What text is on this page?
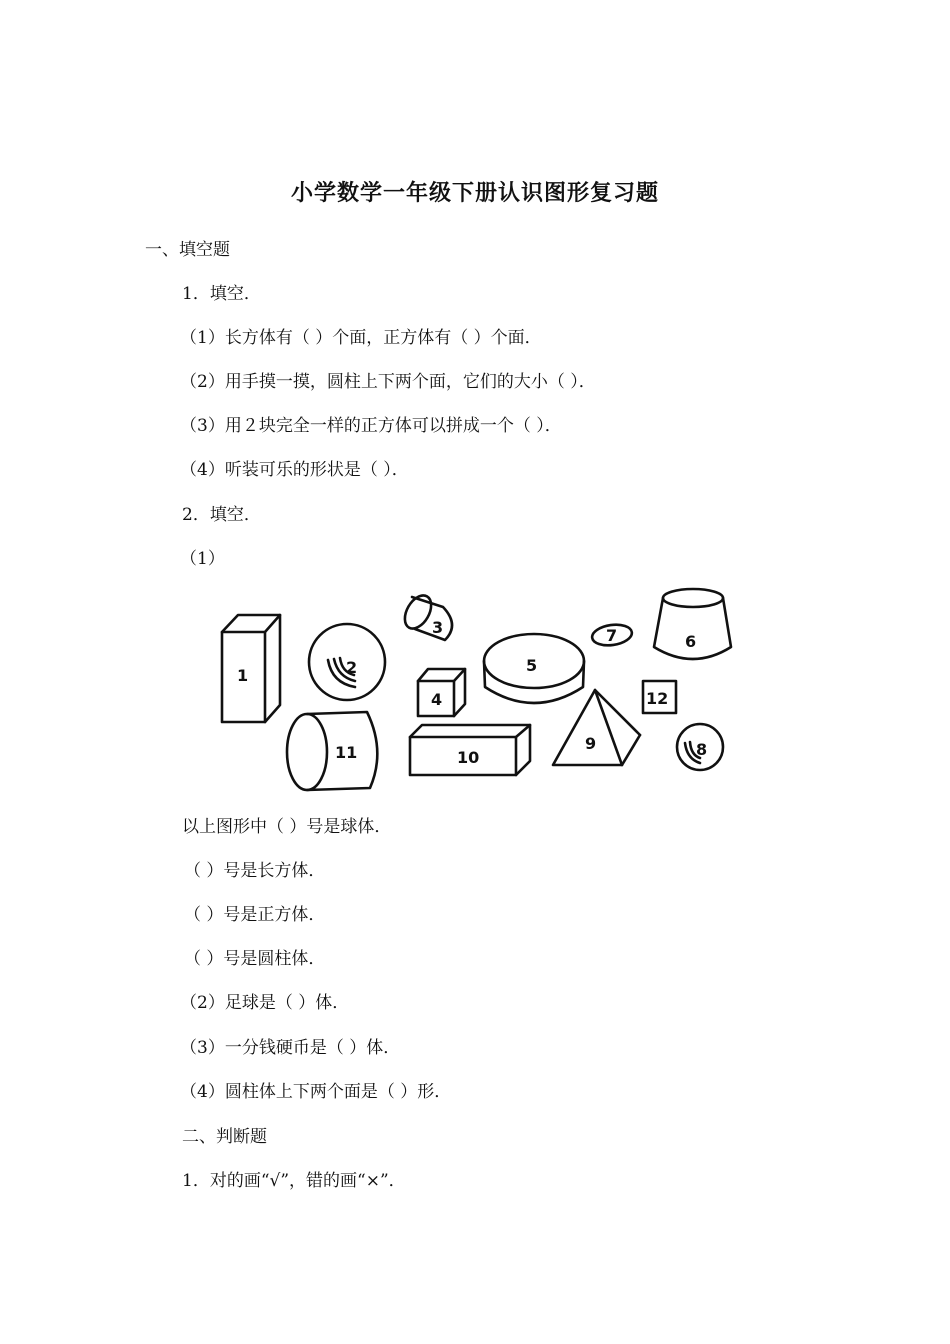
小学数学一年级下册认识图形复习题
一、填空题
1．填空．
（1）长方体有（ ）个面，正方体有（ ）个面．
（2）用手摸一摸，圆柱上下两个面，它们的大小（ ）．
（3）用２块完全一样的正方体可以拼成一个（ ）．
（4）听装可乐的形状是（ ）．
2．填空．
（1）
1	2
3
4
5
6
7
8
9
10
11
12
以上图形中（ ）号是球体．
（ ）号是长方体．
（ ）号是正方体．
（ ）号是圆柱体．
（2）足球是（ ）体．
（3）一分钱硬币是（ ）体．
（4）圆柱体上下两个面是（ ）形．
二、判断题
1．对的画“√”，错的画“×”．
